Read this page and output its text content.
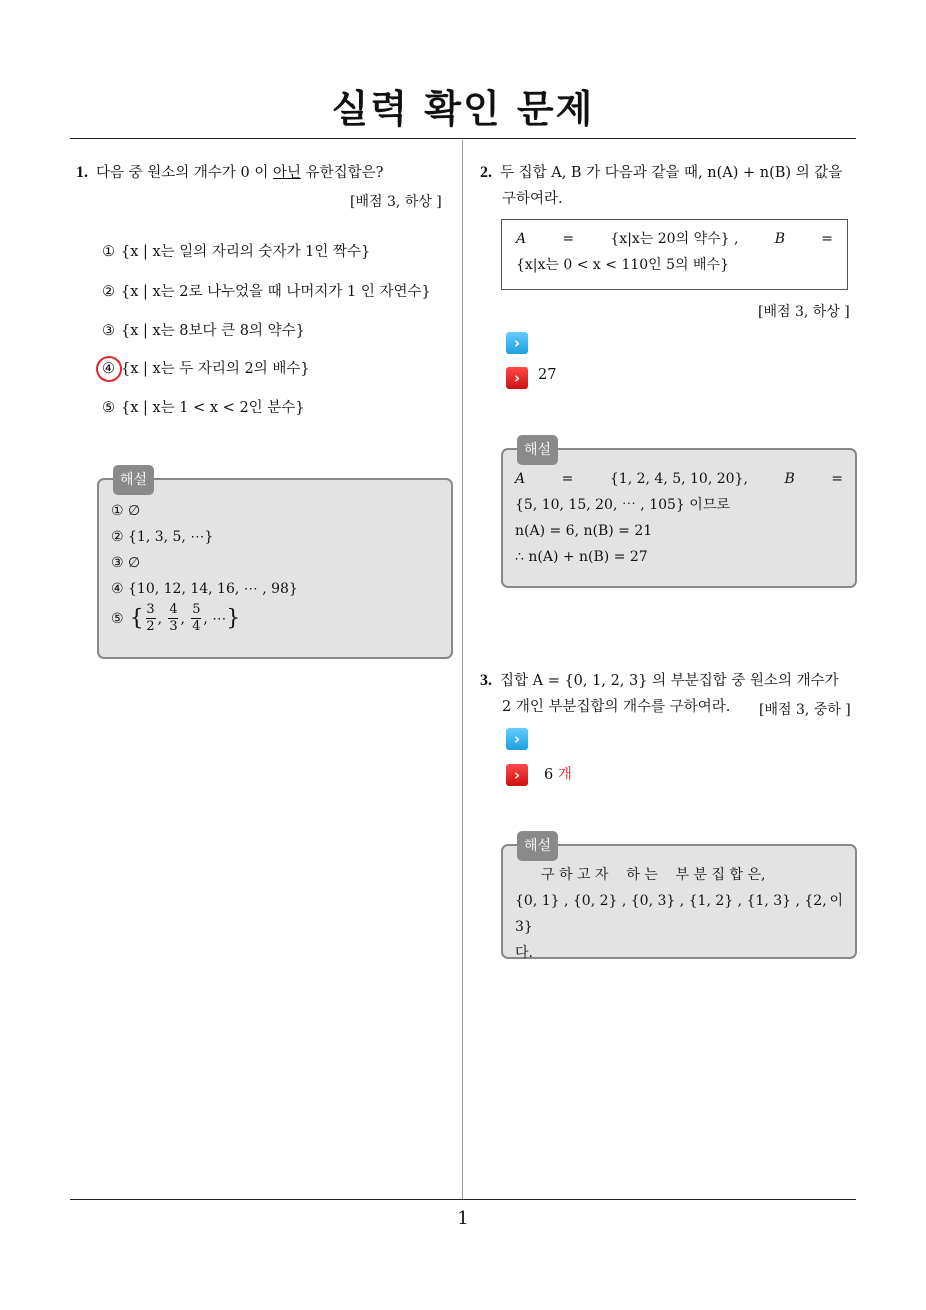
실력 확인 문제
1
1. 다음 중 원소의 개수가 0 이 아닌 유한집합은?
[배점 3, 하상 ]
① {x | x는 일의 자리의 숫자가 1인 짝수}
② {x | x는 2로 나누었을 때 나머지가 1 인 자연수}
③ {x | x는 8보다 큰 8의 약수}
④ {x | x는 두 자리의 2의 배수}
⑤ {x | x는 1 < x < 2인 분수}
해설
① ∅
② {1, 3, 5, ⋯}
③ ∅
④ {10, 12, 14, 16, ⋯ , 98}
⑤ { $\frac{3}{2}$ , $\frac{4}{3}$ , $\frac{5}{4}$ , ⋯ }
2. 두 집합 A, B 가 다음과 같을 때, n(A) + n(B) 의 값을
구하여라.
A	=	{x|x는 20의 약수} ,	B	=
{x|x는 0 < x < 110인 5의 배수}
[배점 3, 하상 ]
›
›	27
해설
A	=	{1, 2, 4, 5, 10, 20},	B	=
{5, 10, 15, 20, ⋯ , 105} 이므로
n(A) = 6, n(B) = 21
∴ n(A) + n(B) = 27
3. 집합 A = {0, 1, 2, 3} 의 부분집합 중 원소의 개수가
2 개인 부분집합의 개수를 구하여라.	[배점 3, 중하 ]
›
›	6 개
해설
구 하 고 자    하 는    부 분 집 합 은,
{0, 1} , {0, 2} , {0, 3} , {1, 2} , {1, 3} , {2, 3}
이
다.
